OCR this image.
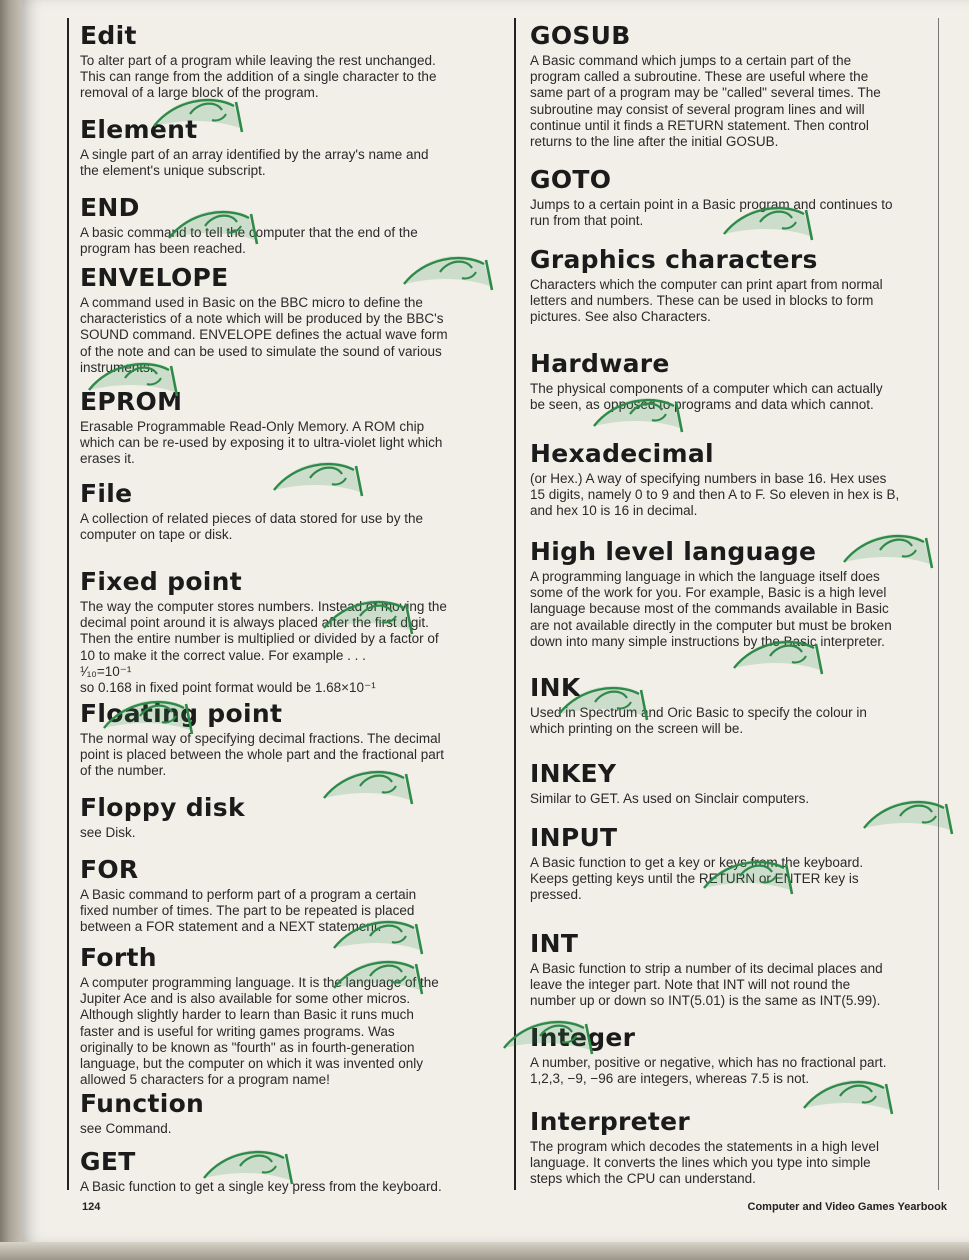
Edit
To alter part of a program while leaving the rest unchanged.
This can range from the addition of a single character to the
removal of a large block of the program.
Element
A single part of an array identified by the array's name and
the element's unique subscript.
END
A basic command to tell the computer that the end of the
program has been reached.
ENVELOPE
A command used in Basic on the BBC micro to define the
characteristics of a note which will be produced by the BBC's
SOUND command. ENVELOPE defines the actual wave form
of the note and can be used to simulate the sound of various
instruments.
EPROM
Erasable Programmable Read-Only Memory. A ROM chip
which can be re-used by exposing it to ultra-violet light which
erases it.
File
A collection of related pieces of data stored for use by the
computer on tape or disk.
Fixed point
The way the computer stores numbers. Instead of moving the
decimal point around it is always placed after the first digit.
Then the entire number is multiplied or divided by a factor of
10 to make it the correct value. For example . . .
¹⁄₁₀=10⁻¹
so 0.168 in fixed point format would be 1.68×10⁻¹
Floating point
The normal way of specifying decimal fractions. The decimal
point is placed between the whole part and the fractional part
of the number.
Floppy disk
see Disk.
FOR
A Basic command to perform part of a program a certain
fixed number of times. The part to be repeated is placed
between a FOR statement and a NEXT statement.
Forth
A computer programming language. It is the language of the
Jupiter Ace and is also available for some other micros.
Although slightly harder to learn than Basic it runs much
faster and is useful for writing games programs. Was
originally to be known as "fourth" as in fourth-generation
language, but the computer on which it was invented only
allowed 5 characters for a program name!
Function
see Command.
GET
A Basic function to get a single key press from the keyboard.
GOSUB
A Basic command which jumps to a certain part of the
program called a subroutine. These are useful where the
same part of a program may be "called" several times. The
subroutine may consist of several program lines and will
continue until it finds a RETURN statement. Then control
returns to the line after the initial GOSUB.
GOTO
Jumps to a certain point in a Basic program and continues to
run from that point.
Graphics characters
Characters which the computer can print apart from normal
letters and numbers. These can be used in blocks to form
pictures. See also Characters.
Hardware
The physical components of a computer which can actually
be seen, as opposed to programs and data which cannot.
Hexadecimal
(or Hex.) A way of specifying numbers in base 16. Hex uses
15 digits, namely 0 to 9 and then A to F. So eleven in hex is B,
and hex 10 is 16 in decimal.
High level language
A programming language in which the language itself does
some of the work for you. For example, Basic is a high level
language because most of the commands available in Basic
are not available directly in the computer but must be broken
down into many simple instructions by the Basic interpreter.
INK
Used in Spectrum and Oric Basic to specify the colour in
which printing on the screen will be.
INKEY
Similar to GET. As used on Sinclair computers.
INPUT
A Basic function to get a key or keys from the keyboard.
Keeps getting keys until the RETURN or ENTER key is
pressed.
INT
A Basic function to strip a number of its decimal places and
leave the integer part. Note that INT will not round the
number up or down so INT(5.01) is the same as INT(5.99).
Integer
A number, positive or negative, which has no fractional part.
1,2,3, −9, −96 are integers, whereas 7.5 is not.
Interpreter
The program which decodes the statements in a high level
language. It converts the lines which you type into simple
steps which the CPU can understand.
124	Computer and Video Games Yearbook
